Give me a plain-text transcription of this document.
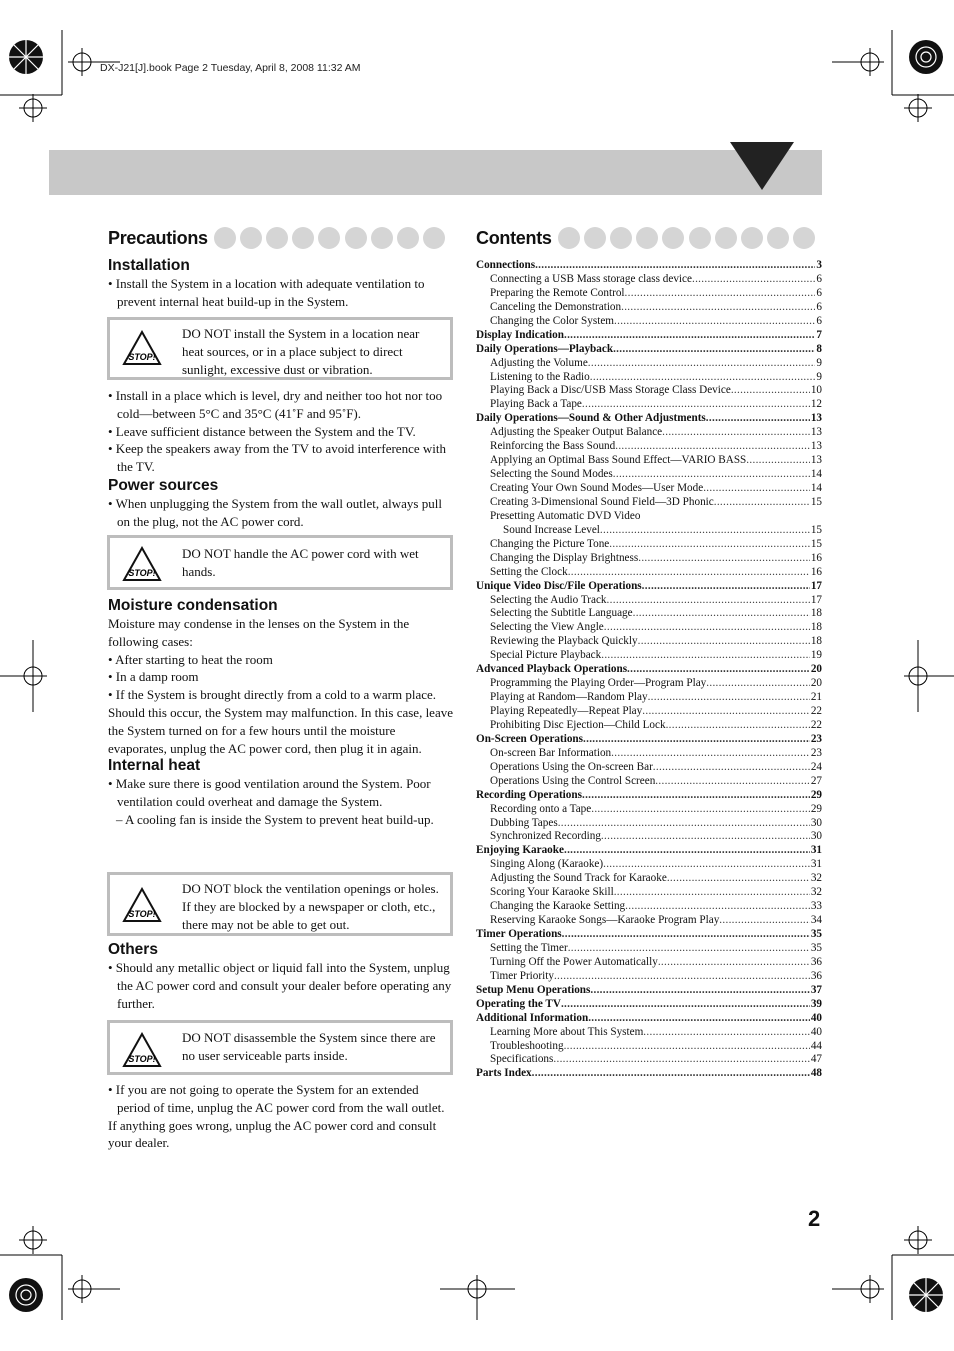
DX-J21[J].book Page 2 Tuesday, April 8, 2008 11:32 AM
Precautions	Contents
Installation

• Install the System in a location with adequate ventilation to prevent internal heat build-up in the System.

STOP!
DO NOT install the System in a location near heat sources, or in a place subject to direct sunlight, excessive dust or vibration.

• Install in a place which is level, dry and neither too hot nor too cold—between 5°C and 35°C (41˚F and 95˚F).

• Leave sufficient distance between the System and the TV.

• Keep the speakers away from the TV to avoid interference with the TV.

Power sources

• When unplugging the System from the wall outlet, always pull on the plug, not the AC power cord.

STOP!
DO NOT handle the AC power cord with wet hands.
Moisture condensation

Moisture may condense in the lenses on the System in the following cases:

• After starting to heat the room

• In a damp room

• If the System is brought directly from a cold to a warm place.

Should this occur, the System may malfunction. In this case, leave the System turned on for a few hours until the moisture evaporates, unplug the AC power cord, then plug it in again.

Internal heat

• Make sure there is good ventilation around the System. Poor ventilation could overheat and damage the System.

– A cooling fan is inside the System to prevent heat build-up.

STOP!
DO NOT block the ventilation openings or holes. If they are blocked by a newspaper or cloth, etc., there may not be able to get out.
Others

• Should any metallic object or liquid fall into the System, unplug the AC power cord and consult your dealer before operating any further.

STOP!
DO NOT disassemble the System since there are no user serviceable parts inside.

• If you are not going to operate the System for an extended period of time, unplug the AC power cord from the wall outlet.

If anything goes wrong, unplug the AC power cord and consult your dealer.

Connections .....	3
Connecting a USB Mass storage class device .....	6
Preparing the Remote Control .....	6
Canceling the Demonstration .....	6
Changing the Color System .....	6
Display Indication .....	7
Daily Operations—Playback .....	8
Adjusting the Volume .....	9
Listening to the Radio .....	9
Playing Back a Disc/USB Mass Storage Class Device .....	10
Playing Back a Tape .....	12
Daily Operations—Sound & Other Adjustments .....	13
Adjusting the Speaker Output Balance .....	13
Reinforcing the Bass Sound .....	13
Applying an Optimal Bass Sound Effect—VARIO BASS .....	13
Selecting the Sound Modes .....	14
Creating Your Own Sound Modes—User Mode .....	14
Creating 3-Dimensional Sound Field—3D Phonic .....	15
Presetting Automatic DVD Video
Sound Increase Level .....	15
Changing the Picture Tone .....	15
Changing the Display Brightness .....	16
Setting the Clock .....	16
Unique Video Disc/File Operations .....	17
Selecting the Audio Track .....	17
Selecting the Subtitle Language .....	18
Selecting the View Angle .....	18
Reviewing the Playback Quickly .....	18
Special Picture Playback .....	19
Advanced Playback Operations .....	20
Programming the Playing Order—Program Play .....	20
Playing at Random—Random Play .....	21
Playing Repeatedly—Repeat Play .....	22
Prohibiting Disc Ejection—Child Lock .....	22
On-Screen Operations .....	23
On-screen Bar Information .....	23
Operations Using the On-screen Bar .....	24
Operations Using the Control Screen .....	27
Recording Operations .....	29
Recording onto a Tape .....	29
Dubbing Tapes .....	30
Synchronized Recording .....	30
Enjoying Karaoke .....	31
Singing Along (Karaoke) .....	31
Adjusting the Sound Track for Karaoke .....	32
Scoring Your Karaoke Skill .....	32
Changing the Karaoke Setting .....	33
Reserving Karaoke Songs—Karaoke Program Play .....	34
Timer Operations .....	35
Setting the Timer .....	35
Turning Off the Power Automatically .....	36
Timer Priority .....	36
Setup Menu Operations .....	37
Operating the TV .....	39
Additional Information .....	40
Learning More about This System .....	40
Troubleshooting .....	44
Specifications .....	47
Parts Index .....	48
2
